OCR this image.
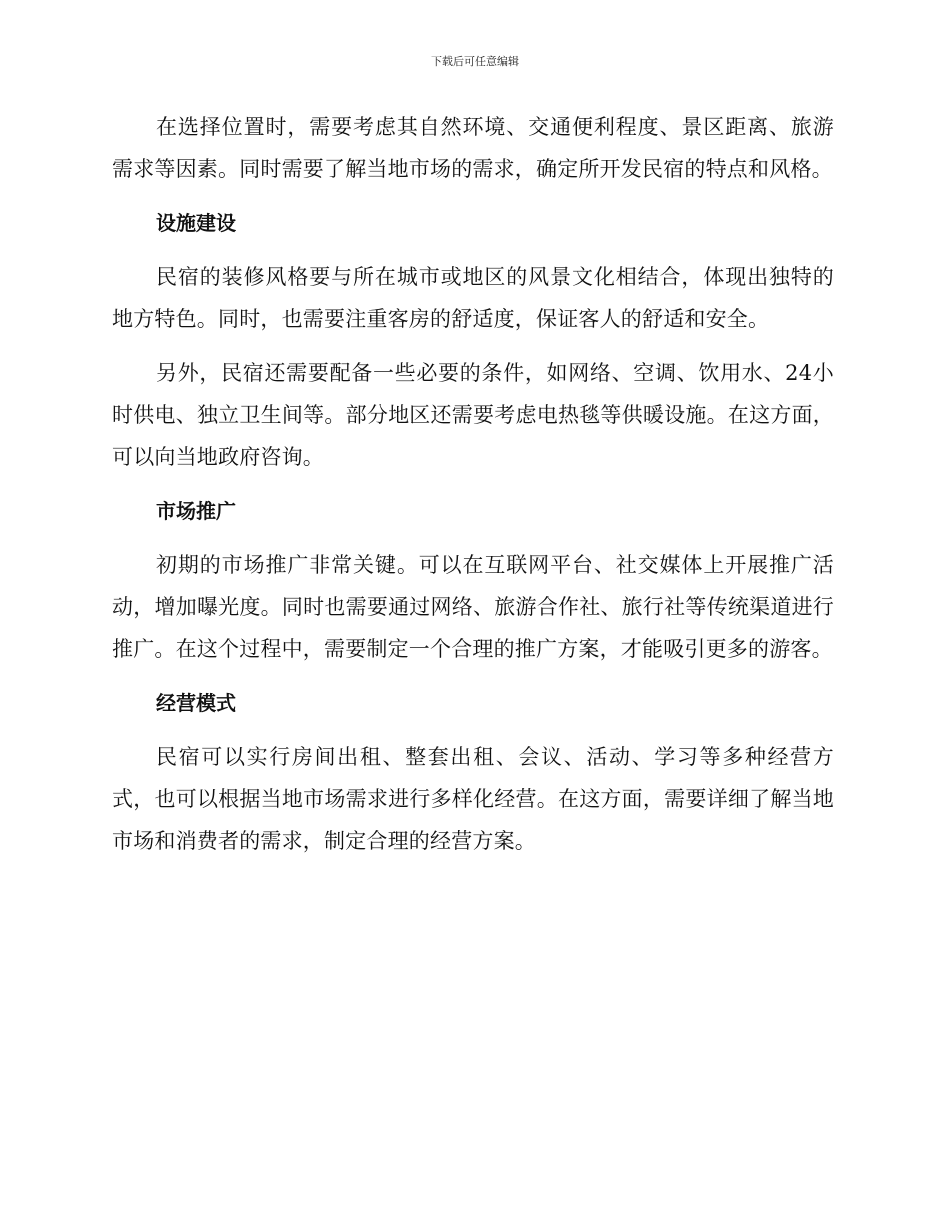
下载后可任意编辑

在选择位置时，需要考虑其自然环境、交通便利程度、景区距离、旅游需求等因素。同时需要了解当地市场的需求，确定所开发民宿的特点和风格。

设施建设

民宿的装修风格要与所在城市或地区的风景文化相结合，体现出独特的地方特色。同时，也需要注重客房的舒适度，保证客人的舒适和安全。

另外，民宿还需要配备一些必要的条件，如网络、空调、饮用水、24小时供电、独立卫生间等。部分地区还需要考虑电热毯等供暖设施。在这方面，可以向当地政府咨询。

市场推广

初期的市场推广非常关键。可以在互联网平台、社交媒体上开展推广活动，增加曝光度。同时也需要通过网络、旅游合作社、旅行社等传统渠道进行推广。在这个过程中，需要制定一个合理的推广方案，才能吸引更多的游客。

经营模式

民宿可以实行房间出租、整套出租、会议、活动、学习等多种经营方式，也可以根据当地市场需求进行多样化经营。在这方面，需要详细了解当地市场和消费者的需求，制定合理的经营方案。
